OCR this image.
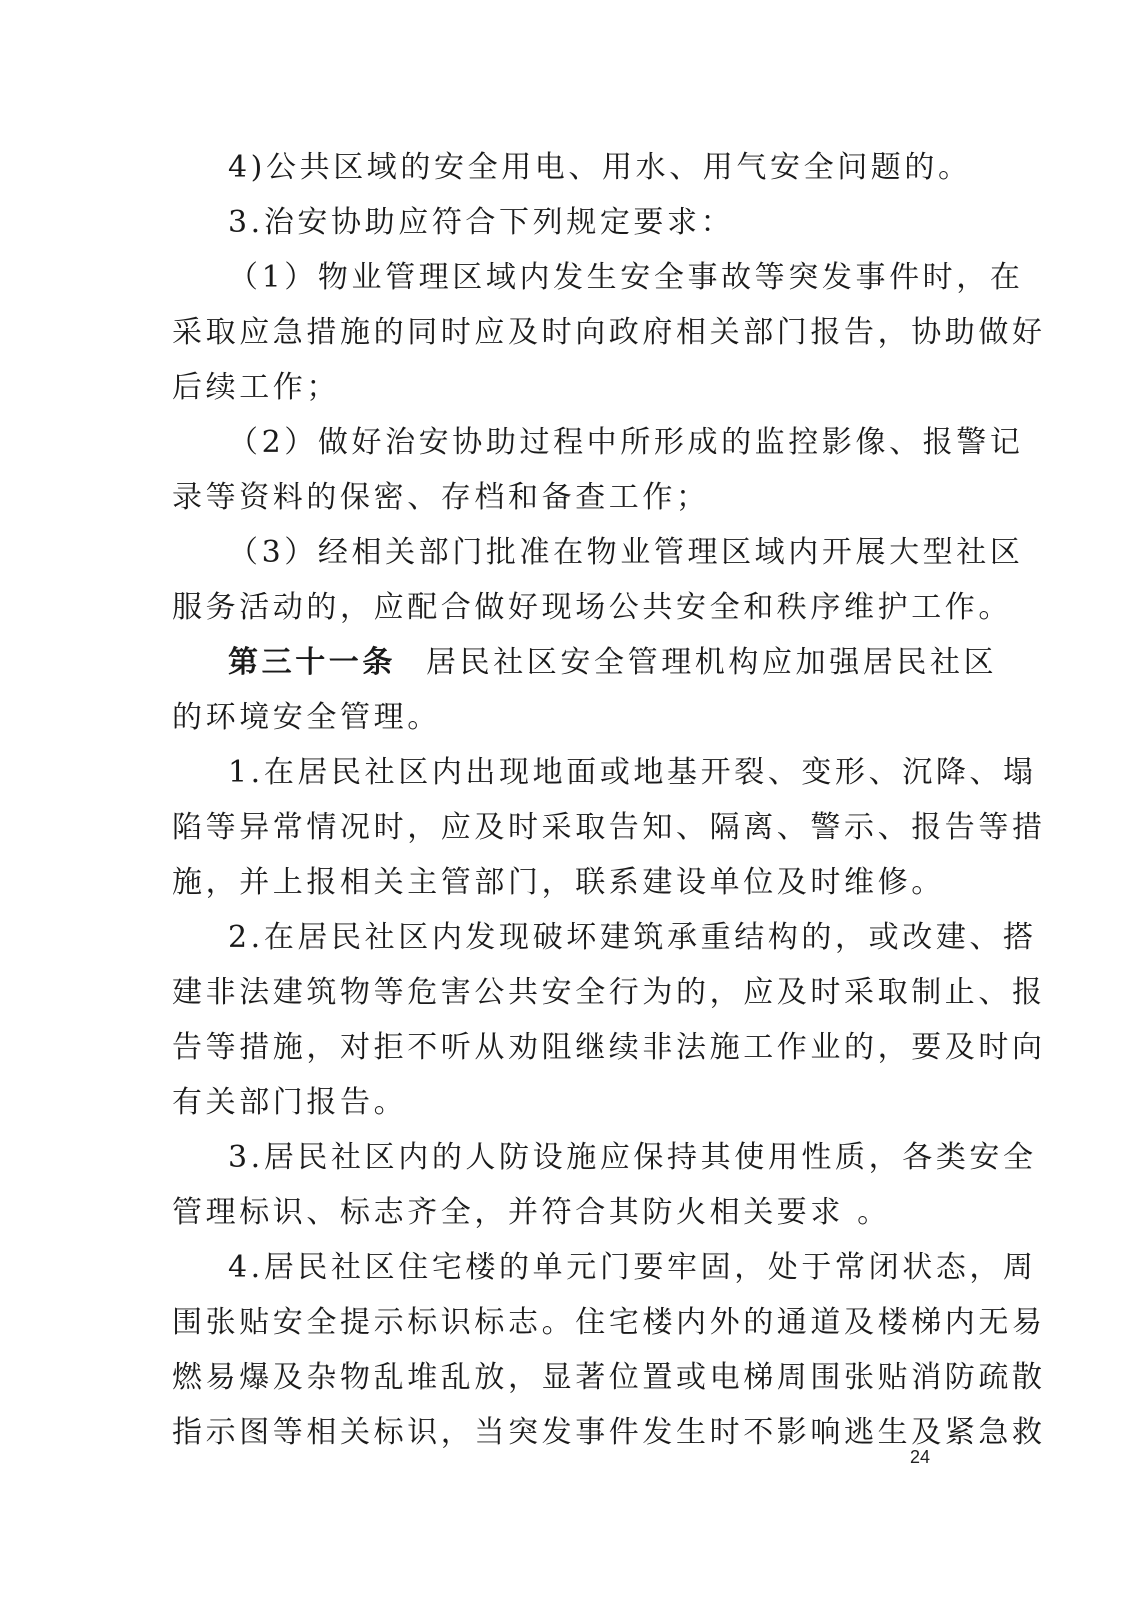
4)公共区域的安全用电、用水、用气安全问题的。
3.治安协助应符合下列规定要求：
（1）物业管理区域内发生安全事故等突发事件时，在
采取应急措施的同时应及时向政府相关部门报告，协助做好
后续工作；
（2）做好治安协助过程中所形成的监控影像、报警记
录等资料的保密、存档和备查工作；
（3）经相关部门批准在物业管理区域内开展大型社区
服务活动的，应配合做好现场公共安全和秩序维护工作。
第三十一条 居民社区安全管理机构应加强居民社区
的环境安全管理。
1.在居民社区内出现地面或地基开裂、变形、沉降、塌
陷等异常情况时，应及时采取告知、隔离、警示、报告等措
施，并上报相关主管部门，联系建设单位及时维修。
2.在居民社区内发现破坏建筑承重结构的，或改建、搭
建非法建筑物等危害公共安全行为的，应及时采取制止、报
告等措施，对拒不听从劝阻继续非法施工作业的，要及时向
有关部门报告。
3.居民社区内的人防设施应保持其使用性质，各类安全
管理标识、标志齐全，并符合其防火相关要求 。
4.居民社区住宅楼的单元门要牢固，处于常闭状态，周
围张贴安全提示标识标志。住宅楼内外的通道及楼梯内无易
燃易爆及杂物乱堆乱放，显著位置或电梯周围张贴消防疏散
指示图等相关标识，当突发事件发生时不影响逃生及紧急救
24
